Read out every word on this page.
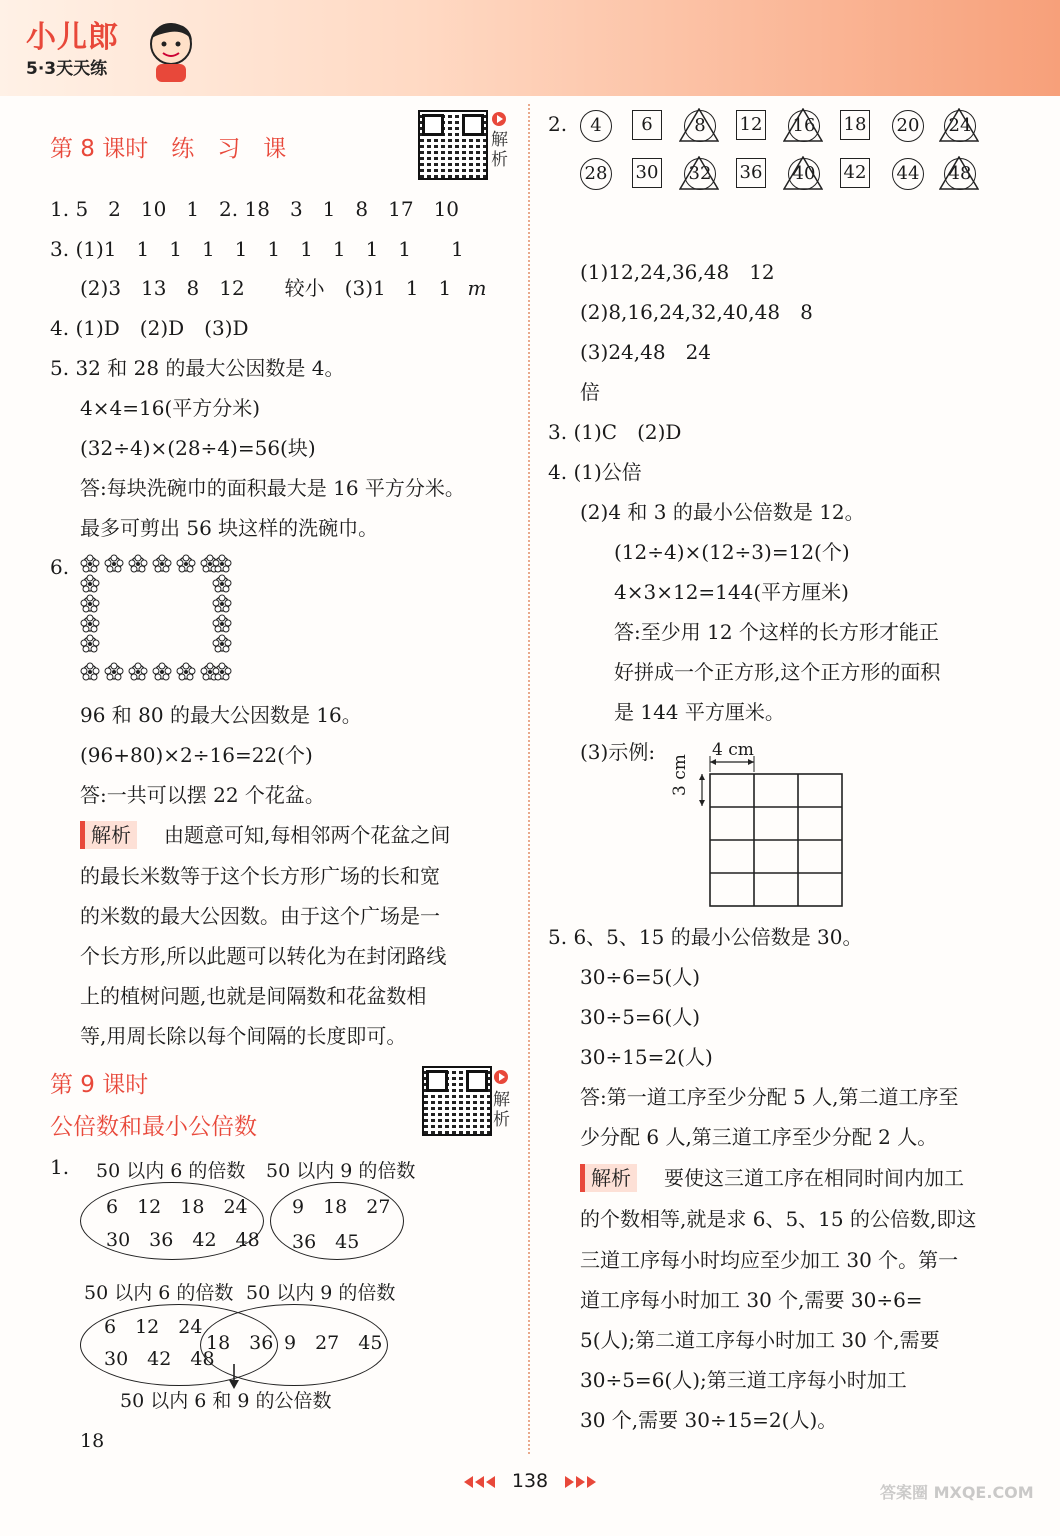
小儿郎
5·3天天练
第 8 课时　练　习　课	解析
1. 5　2　10　1　2. 18　3　1　8　17　10
3. (1)1　1　1　1　1　1　1　1　1　1　　1
(2)3　13　8　12　　较小　(3)1　1　1 m
4. (1)D　(2)D　(3)D
5. 32 和 28 的最大公因数是 4。
4×4=16(平方分米)
(32÷4)×(28÷4)=56(块)
答:每块洗碗巾的面积最大是 16 平方分米。
最多可剪出 56 块这样的洗碗巾。
6.
96 和 80 的最大公因数是 16。
(96+80)×2÷16=22(个)
答:一共可以摆 22 个花盆。
解析	由题意可知,每相邻两个花盆之间
的最长米数等于这个长方形广场的长和宽
的米数的最大公因数。由于这个广场是一
个长方形,所以此题可以转化为在封闭路线
上的植树问题,也就是间隔数和花盆数相
等,用周长除以每个间隔的长度即可。
第 9 课时
公倍数和最小公倍数
解析
1. 50 以内 6 的倍数 50 以内 9 的倍数
6　12　18　24
30　36　42　48
9　18　27
36　45
50 以内 6 的倍数 50 以内 9 的倍数
6　12　24
30　42　48
18　36 9　27　45
50 以内 6 和 9 的公倍数
18
2.	4	6	8	12 16 18 20 24
28 30 32 36 40 42 44 48
(1)12,24,36,48　12
(2)8,16,24,32,40,48　8
(3)24,48　24
倍
3. (1)C　(2)D
4. (1)公倍
(2)4 和 3 的最小公倍数是 12。
(12÷4)×(12÷3)=12(个)
4×3×12=144(平方厘米)
答:至少用 12 个这样的长方形才能正
好拼成一个正方形,这个正方形的面积
是 144 平方厘米。
(3)示例:	4 cm
3 cm
5. 6、5、15 的最小公倍数是 30。
30÷6=5(人)
30÷5=6(人)
30÷15=2(人)
答:第一道工序至少分配 5 人,第二道工序至
少分配 6 人,第三道工序至少分配 2 人。
解析	要使这三道工序在相同时间内加工
的个数相等,就是求 6、5、15 的公倍数,即这
三道工序每小时均应至少加工 30 个。第一
道工序每小时加工 30 个,需要 30÷6=
5(人);第二道工序每小时加工 30 个,需要
30÷5=6(人);第三道工序每小时加工
30 个,需要 30÷15=2(人)。
138
答案圈 MXQE.COM
